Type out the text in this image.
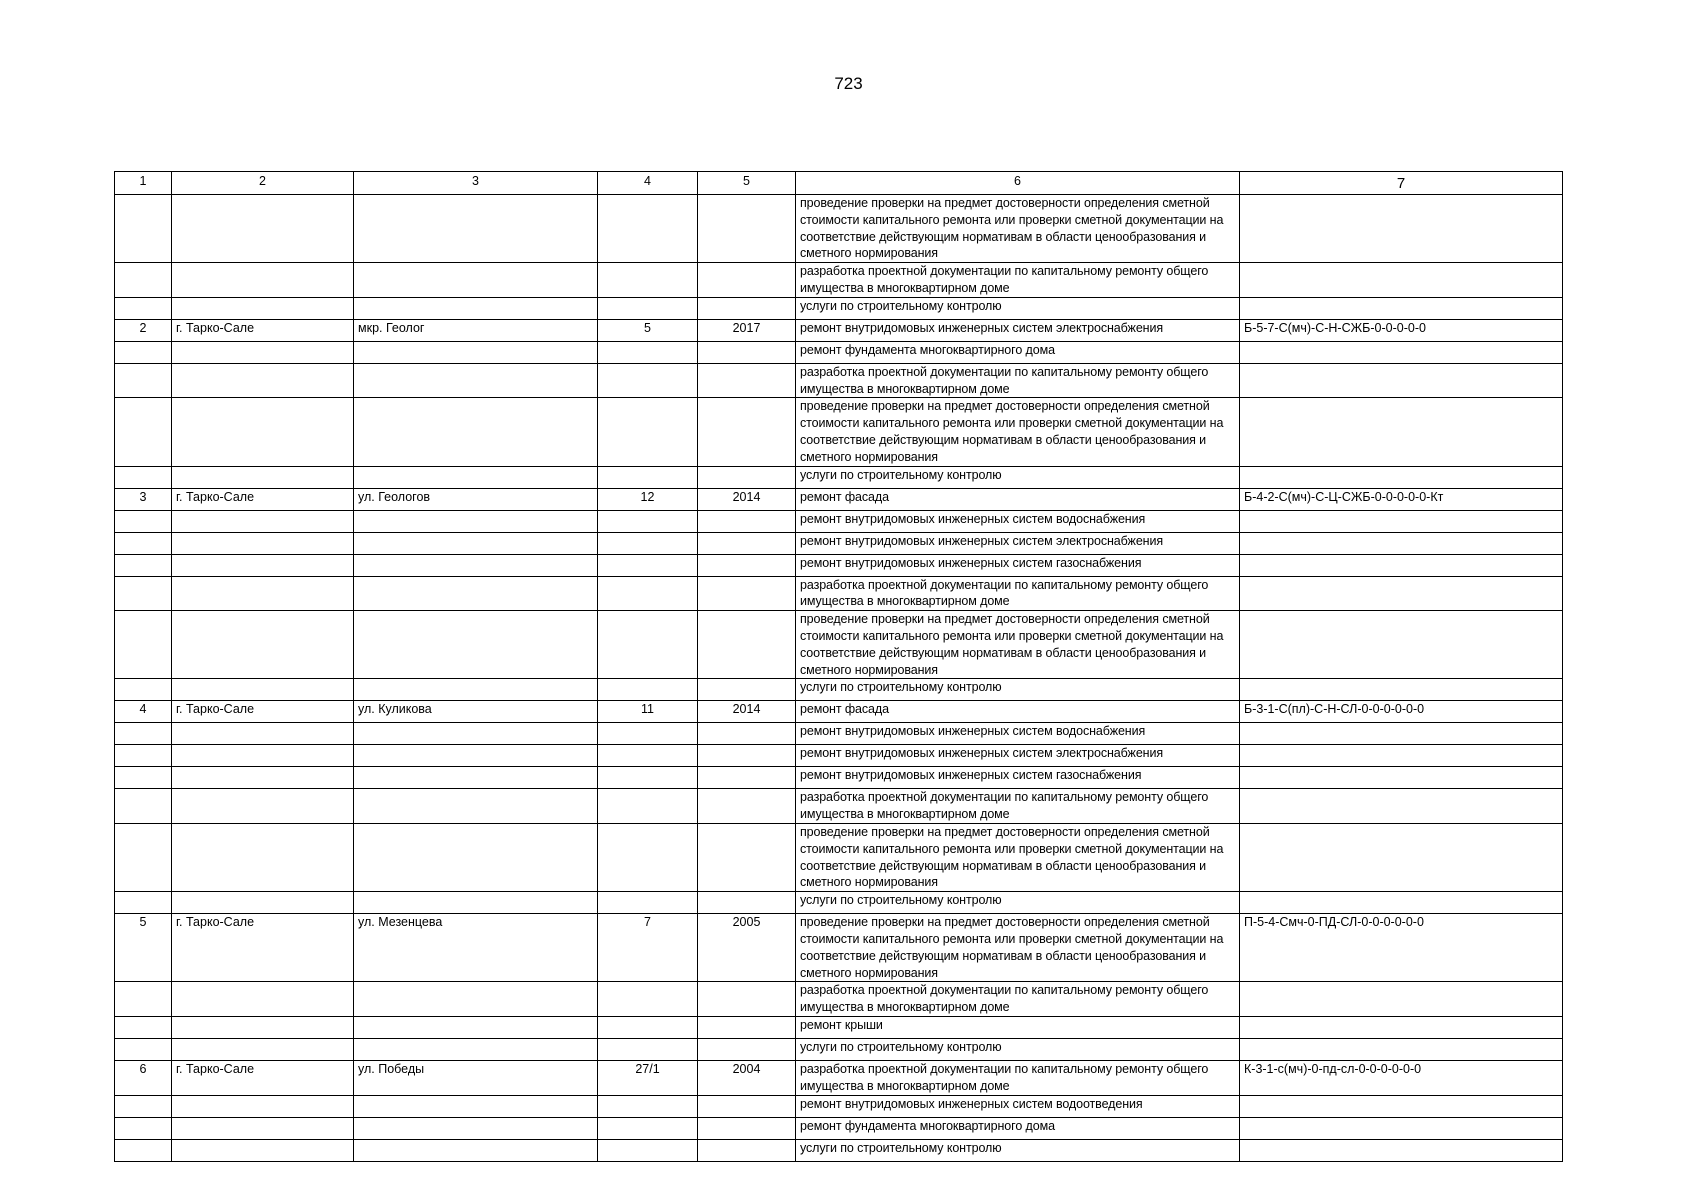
723
1	2	3	4	5	6	7
					проведение проверки на предмет достоверности определения сметной стоимости капитального ремонта или проверки сметной документации на соответствие действующим нормативам в области ценообразования и сметного нормирования	
					разработка проектной документации по капитальному ремонту общего имущества в многоквартирном доме	
					услуги по строительному контролю	
2	г. Тарко-Сале	мкр. Геолог	5	2017	ремонт внутридомовых инженерных систем электроснабжения	Б-5-7-С(мч)-С-Н-СЖБ-0-0-0-0-0
					ремонт фундамента многоквартирного дома	
					разработка проектной документации по капитальному ремонту общего имущества в многоквартирном доме	
					проведение проверки на предмет достоверности определения сметной стоимости капитального ремонта или проверки сметной документации на соответствие действующим нормативам в области ценообразования и сметного нормирования	
					услуги по строительному контролю	
3	г. Тарко-Сале	ул. Геологов	12	2014	ремонт фасада	Б-4-2-С(мч)-С-Ц-СЖБ-0-0-0-0-0-Кт
					ремонт внутридомовых инженерных систем водоснабжения	
					ремонт внутридомовых инженерных систем электроснабжения	
					ремонт внутридомовых инженерных систем газоснабжения	
					разработка проектной документации по капитальному ремонту общего имущества в многоквартирном доме	
					проведение проверки на предмет достоверности определения сметной стоимости капитального ремонта или проверки сметной документации на соответствие действующим нормативам в области ценообразования и сметного нормирования	
					услуги по строительному контролю	
4	г. Тарко-Сале	ул. Куликова	11	2014	ремонт фасада	Б-3-1-С(пл)-С-Н-СЛ-0-0-0-0-0-0
					ремонт внутридомовых инженерных систем водоснабжения	
					ремонт внутридомовых инженерных систем электроснабжения	
					ремонт внутридомовых инженерных систем газоснабжения	
					разработка проектной документации по капитальному ремонту общего имущества в многоквартирном доме	
					проведение проверки на предмет достоверности определения сметной стоимости капитального ремонта или проверки сметной документации на соответствие действующим нормативам в области ценообразования и сметного нормирования	
					услуги по строительному контролю	
5	г. Тарко-Сале	ул. Мезенцева	7	2005	проведение проверки на предмет достоверности определения сметной стоимости капитального ремонта или проверки сметной документации на соответствие действующим нормативам в области ценообразования и сметного нормирования	П-5-4-Смч-0-ПД-СЛ-0-0-0-0-0-0
					разработка проектной документации по капитальному ремонту общего имущества в многоквартирном доме	
					ремонт крыши	
					услуги по строительному контролю	
6	г. Тарко-Сале	ул. Победы	27/1	2004	разработка проектной документации по капитальному ремонту общего имущества в многоквартирном доме	К-3-1-с(мч)-0-пд-сл-0-0-0-0-0-0
					ремонт внутридомовых инженерных систем водоотведения	
					ремонт фундамента многоквартирного дома	
					услуги по строительному контролю	
